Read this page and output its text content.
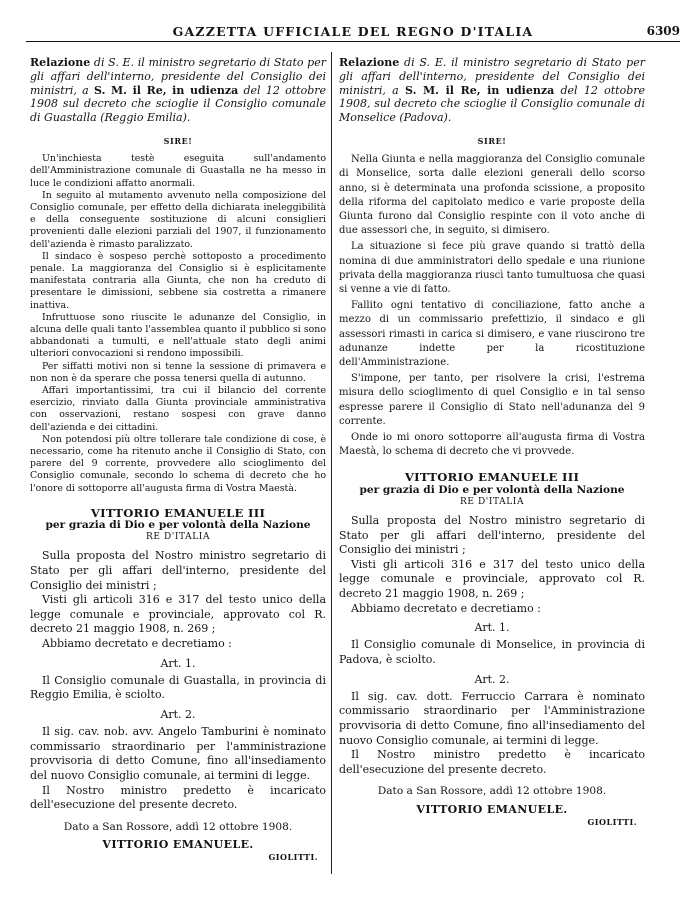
GAZZETTA UFFICIALE DEL REGNO D'ITALIA	6309
Relazione di S. E. il ministro segretario di Stato per gli affari dell'interno, presidente del Consiglio dei ministri, a S. M. il Re, in udienza del 12 ottobre 1908 sul decreto che scioglie il Consiglio comunale di Guastalla (Reggio Emilia).
SIRE!

Un'inchiesta testè eseguita sull'andamento dell'Amministrazione comunale di Guastalla ne ha messo in luce le condizioni affatto anormali.

In seguito al mutamento avvenuto nella composizione del Consiglio comunale, per effetto della dichiarata ineleggibilità e della conseguente sostituzione di alcuni consiglieri provenienti dalle elezioni parziali del 1907, il funzionamento dell'azienda è rimasto paralizzato.

Il sindaco è sospeso perchè sottoposto a procedimento penale. La maggioranza del Consiglio si è esplicitamente manifestata contraria alla Giunta, che non ha creduto di presentare le dimissioni, sebbene sia costretta a rimanere inattiva.

Infruttuose sono riuscite le adunanze del Consiglio, in alcuna delle quali tanto l'assemblea quanto il pubblico si sono abbandonati a tumulti, e nell'attuale stato degli animi ulteriori convocazioni si rendono impossibili.

Per siffatti motivi non si tenne la sessione di primavera e non non è da sperare che possa tenersi quella di autunno.

Affari importantissimi, tra cui il bilancio del corrente esercizio, rinviato dalla Giunta provinciale amministrativa con osservazioni, restano sospesi con grave danno dell'azienda e dei cittadini.

Non potendosi più oltre tollerare tale condizione di cose, è necessario, come ha ritenuto anche il Consiglio di Stato, con parere del 9 corrente, provvedere allo scioglimento del Consiglio comunale, secondo lo schema di decreto che ho l'onore di sottoporre all'augusta firma di Vostra Maestà.

VITTORIO EMANUELE III
per grazia di Dio e per volontà della Nazione
RE D'ITALIA

Sulla proposta del Nostro ministro segretario di Stato per gli affari dell'interno, presidente del Consiglio dei ministri ;

Visti gli articoli 316 e 317 del testo unico della legge comunale e provinciale, approvato col R. decreto 21 maggio 1908, n. 269 ;

Abbiamo decretato e decretiamo :

Art. 1.

Il Consiglio comunale di Guastalla, in provincia di Reggio Emilia, è sciolto.

Art. 2.

Il sig. cav. nob. avv. Angelo Tamburini è nominato commissario straordinario per l'amministrazione provvisoria di detto Comune, fino all'insediamento del nuovo Consiglio comunale, ai termini di legge.

Il Nostro ministro predetto è incaricato dell'esecuzione del presente decreto.

Dato a San Rossore, addì 12 ottobre 1908.
VITTORIO EMANUELE.
GIOLITTI.
Relazione di S. E. il ministro segretario di Stato per gli affari dell'interno, presidente del Consiglio dei ministri, a S. M. il Re, in udienza del 12 ottobre 1908, sul decreto che scioglie il Consiglio comunale di Monselice (Padova).
SIRE!

Nella Giunta e nella maggioranza del Consiglio comunale di Monselice, sorta dalle elezioni generali dello scorso anno, si è determinata una profonda scissione, a proposito della riforma del capitolato medico e varie proposte della Giunta furono dal Consiglio respinte con il voto anche di due assessori che, in seguito, si dimisero.

La situazione si fece più grave quando si trattò della nomina di due amministratori dello spedale e una riunione privata della maggioranza riuscì tanto tumultuosa che quasi si venne a vie di fatto.

Fallito ogni tentativo di conciliazione, fatto anche a mezzo di un commissario prefettizio, il sindaco e gli assessori rimasti in carica si dimisero, e vane riuscirono tre adunanze indette per la ricostituzione dell'Amministrazione.

S'impone, per tanto, per risolvere la crisi, l'estrema misura dello scioglimento di quel Consiglio e in tal senso espresse parere il Consiglio di Stato nell'adunanza del 9 corrente.

Onde io mi onoro sottoporre all'augusta firma di Vostra Maestà, lo schema di decreto che vi provvede.

VITTORIO EMANUELE III
per grazia di Dio e per volontà della Nazione
RE D'ITALIA

Sulla proposta del Nostro ministro segretario di Stato per gli affari dell'interno, presidente del Consiglio dei ministri ;

Visti gli articoli 316 e 317 del testo unico della legge comunale e provinciale, approvato col R. decreto 21 maggio 1908, n. 269 ;

Abbiamo decretato e decretiamo :

Art. 1.

Il Consiglio comunale di Monselice, in provincia di Padova, è sciolto.

Art. 2.

Il sig. cav. dott. Ferruccio Carrara è nominato commissario straordinario per l'Amministrazione provvisoria di detto Comune, fino all'insediamento del nuovo Consiglio comunale, ai termini di legge.

Il Nostro ministro predetto è incaricato dell'esecuzione del presente decreto.

Dato a San Rossore, addì 12 ottobre 1908.
VITTORIO EMANUELE.
GIOLITTI.
